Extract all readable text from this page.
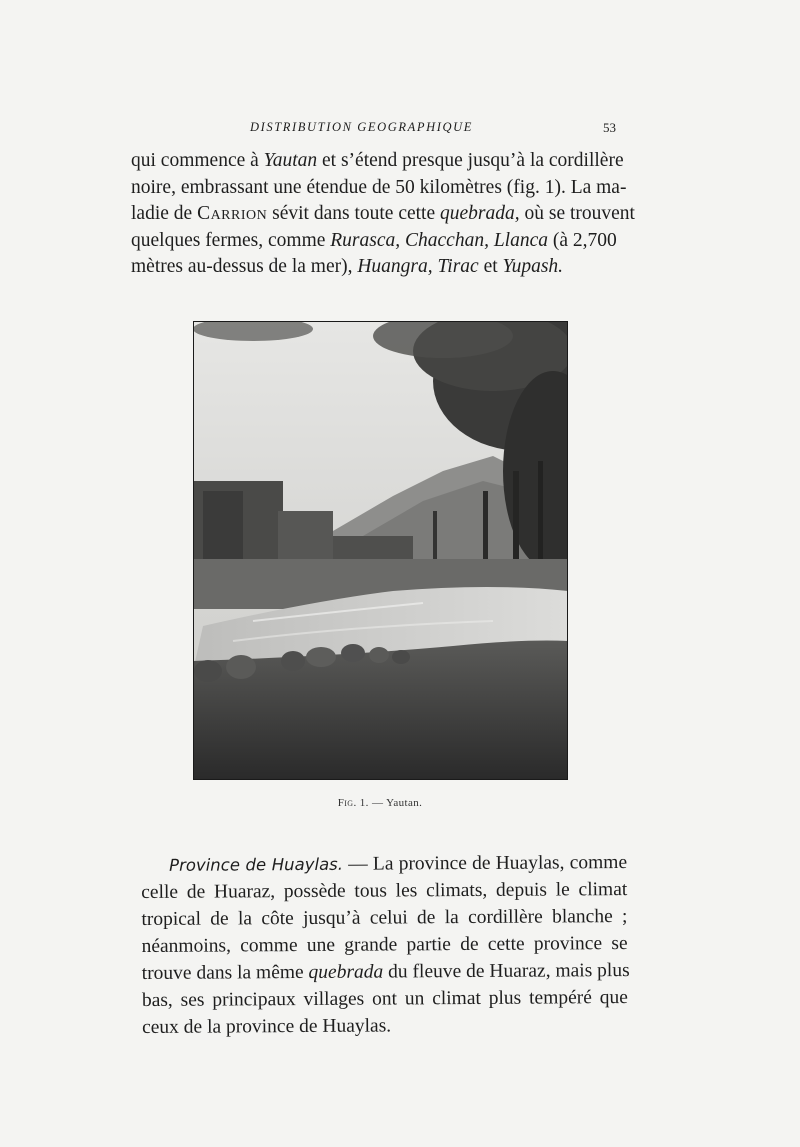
DISTRIBUTION GEOGRAPHIQUE	53
qui commence à Yautan et s’étend presque jusqu’à la cordillère
noire, embrassant une étendue de 50 kilomètres (fig. 1). La ma-
ladie de Carrion sévit dans toute cette quebrada, où se trouvent
quelques fermes, comme Rurasca, Chacchan, Llanca (à 2,700
mètres au-dessus de la mer), Huangra, Tirac et Yupash.
Fig. 1. — Yautan.
Province de Huaylas. — La province de Huaylas, comme
celle de Huaraz, possède tous les climats, depuis le climat
tropical de la côte jusqu’à celui de la cordillère blanche ;
néanmoins, comme une grande partie de cette province se
trouve dans la même quebrada du fleuve de Huaraz, mais plus
bas, ses principaux villages ont un climat plus tempéré que
ceux de la province de Huaylas.
